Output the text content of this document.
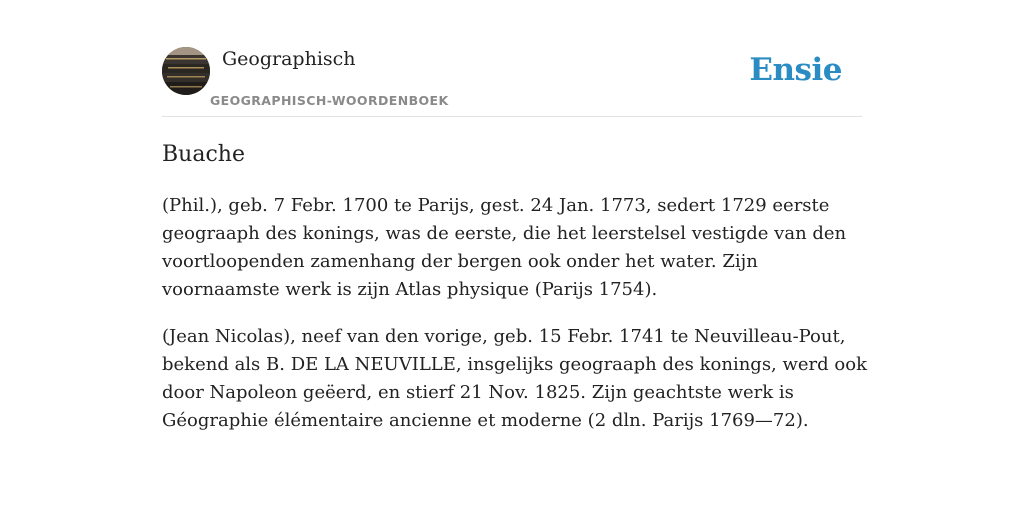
Geographisch
GEOGRAPHISCH-WOORDENBOEK
Ensie
Buache

(Phil.), geb. 7 Febr. 1700 te Parijs, gest. 24 Jan. 1773, sedert 1729 eerste geograaph des konings, was de eerste, die het leerstelsel vestigde van den voortloopenden zamenhang der bergen ook onder het water. Zijn voornaamste werk is zijn Atlas physique (Parijs 1754).

(Jean Nicolas), neef van den vorige, geb. 15 Febr. 1741 te Neuvilleau-Pout, bekend als B. DE LA NEUVILLE, insgelijks geograaph des konings, werd ook door Napoleon geëerd, en stierf 21 Nov. 1825. Zijn geachtste werk is Géographie élémentaire ancienne et moderne (2 dln. Parijs 1769—72).
